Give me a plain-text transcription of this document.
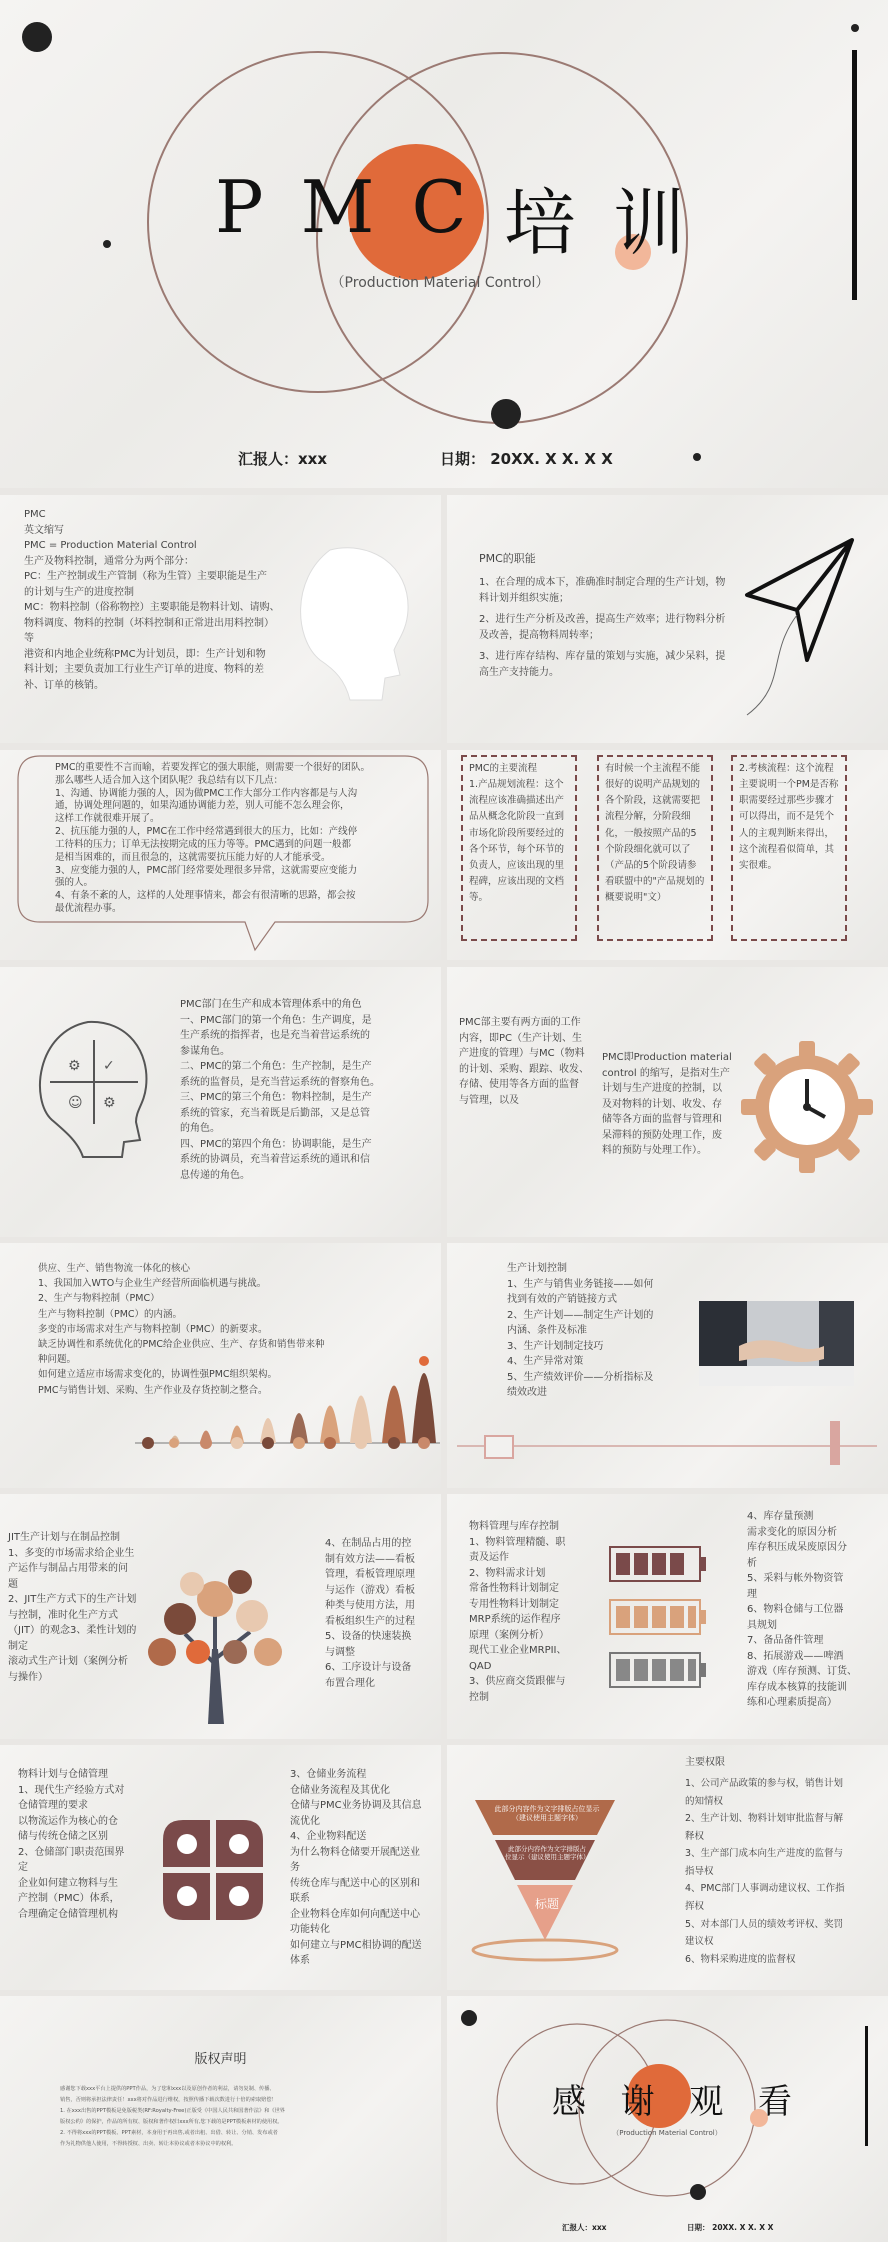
P M C 培 训
（Production Material Control）
汇报人：xxx	日期： 20XX. X X. X X

PMC

英文缩写

PMC = Production Material Control

生产及物料控制，通常分为两个部分：

PC：生产控制或生产管制（称为生管）主要职能是生产

的计划与生产的进度控制

MC：物料控制（俗称物控）主要职能是物料计划、请购、

物料调度、物料的控制（坏料控制和正常进出用料控制）

等

港资和内地企业统称PMC为计划员，即：生产计划和物

料计划；主要负责加工行业生产订单的进度、物料的差

补、订单的核销。

PMC的职能

1、在合理的成本下，准确准时制定合理的生产计划，物料计划并组织实施；

2、进行生产分析及改善，提高生产效率；进行物料分析及改善，提高物料周转率；

3、进行库存结构、库存量的策划与实施，减少呆料，提高生产支持能力。

PMC的重要性不言而喻，若要发挥它的强大职能，则需要一个很好的团队。

那么哪些人适合加入这个团队呢？我总结有以下几点：

1、沟通、协调能力强的人，因为做PMC工作大部分工作内容都是与人沟

通，协调处理问题的，如果沟通协调能力差，别人可能不怎么理会你，

这样工作就很难开展了。

2、抗压能力强的人，PMC在工作中经常遇到很大的压力，比如：产线停

工待料的压力；订单无法按期完成的压力等等。PMC遇到的问题一般都

是相当困难的，而且很急的，这就需要抗压能力好的人才能承受。

3、应变能力强的人，PMC部门经常要处理很多异常，这就需要应变能力

强的人。

4、有条不紊的人，这样的人处理事情来，都会有很清晰的思路，都会按

最优流程办事。

PMC的主要流程
1.产品规划流程：这个流程应该准确描述出产品从概念化阶段一直到市场化阶段所要经过的各个环节，每个环节的负责人，应该出现的里程碑，应该出现的文档等。
有时候一个主流程不能很好的说明产品规划的各个阶段，这就需要把流程分解，分阶段细化，一般按照产品的5个阶段细化就可以了（产品的5个阶段请参看联盟中的"产品规划的概要说明"文）
2.考核流程：这个流程主要说明一个PM是否称职需要经过那些步骤才可以得出，而不是凭个人的主观判断来得出，这个流程看似简单，其实很难。
⚙ ✓
☺ ⚙

PMC部门在生产和成本管理体系中的角色

一、PMC部门的第一个角色：生产调度，是

生产系统的指挥者，也是充当着营运系统的

参谋角色。

二、PMC的第二个角色：生产控制，是生产

系统的监督员，是充当营运系统的督察角色。

三、PMC的第三个角色：物料控制，是生产

系统的管家，充当着既是后勤部，又是总管

的角色。

四、PMC的第四个角色：协调职能，是生产

系统的协调员，充当着营运系统的通讯和信

息传递的角色。

PMC部主要有两方面的工作

内容，即PC（生产计划、生

产进度的管理）与MC（物料

的计划、采购、跟踪、收发、

存储、使用等各方面的监督

与管理，以及

PMC即Production material

control 的缩写，是指对生产

计划与生产进度的控制，以

及对物料的计划、收发、存

储等各方面的监督与管理和

呆滞料的预防处理工作，废

料的预防与处理工作）。

供应、生产、销售物流一体化的核心

1、我国加入WTO与企业生产经营所面临机遇与挑战。

2、生产与物料控制（PMC）

生产与物料控制（PMC）的内涵。

多变的市场需求对生产与物料控制（PMC）的新要求。

缺乏协调性和系统优化的PMC给企业供应、生产、存货和销售带来种

种问题。

如何建立适应市场需求变化的，协调性强PMC组织架构。

PMC与销售计划、采购、生产作业及存货控制之整合。

生产计划控制

1、生产与销售业务链接——如何

找到有效的产销链接方式

2、生产计划——制定生产计划的

内涵、条件及标准

3、生产计划制定技巧

4、生产异常对策

5、生产绩效评价——分析指标及

绩效改进

JIT生产计划与在制品控制

1、多变的市场需求给企业生

产运作与制品占用带来的问

题

2、JIT生产方式下的生产计划

与控制，准时化生产方式

（JIT）的观念3、柔性计划的

制定

滚动式生产计划（案例分析

与操作）

4、在制品占用的控

制有效方法——看板

管理，看板管理原理

与运作（游戏）看板

种类与使用方法，用

看板组织生产的过程

5、设备的快速装换

与调整

6、工序设计与设备

布置合理化

物料管理与库存控制

1、物料管理精髓、职

责及运作

2、物料需求计划

常备性物料计划制定

专用性物料计划制定

MRP系统的运作程序

原理（案例分析）

现代工业企业MRPII、

QAD

3、供应商交货跟催与

控制

4、库存量预测

需求变化的原因分析

库存积压成呆废原因分

析

5、采料与帐外物资管

理

6、物料仓储与工位器

具规划

7、备品备件管理

8、拓展游戏——啤酒

游戏（库存预测、订货、

库存成本核算的技能训

练和心理素质提高）

物料计划与仓储管理

1、现代生产经验方式对

仓储管理的要求

以物流运作为核心的仓

储与传统仓储之区别

2、仓储部门职责范围界

定

企业如何建立物料与生

产控制（PMC）体系，

合理确定仓储管理机构

3、仓储业务流程

仓储业务流程及其优化

仓储与PMC业务协调及其信息

流优化

4、企业物料配送

为什么物料仓储要开展配送业

务

传统仓库与配送中心的区别和

联系

企业物料仓库如何向配送中心

功能转化

如何建立与PMC相协调的配送

体系

此部分内容作为文字排版占位显示（建议使用主题字体）
此部分内容作为文字排版占位显示（建议使用主题字体）
标题
主要权限

1、公司产品政策的参与权，销售计划

的知情权

2、生产计划、物料计划审批监督与解

释权

3、生产部门成本向生产进度的监督与

指导权

4、PMC部门人事调动建议权、工作指

挥权

5、对本部门人员的绩效考评权、奖罚

建议权

6、物料采购进度的监督权

版权声明

感谢您下载xxx平台上提供的PPT作品，为了您和xxx以及原创作者的利益，请勿复制、传播、

销售，否则将承担法律责任！xxx将对作品进行维权，按照传播下载次数进行十倍的索取赔偿！

1. 在xxx出售的PPT模板是免版税类(RF:Royalty-Free)正版受《中国人民共和国著作法》和《世界

版权公约》的保护，作品的所有权、版权和著作权归xxx所有,您下载的是PPT模板素材的使用权。

2. 不得将xxx的PPT模板、PPT素材，本身用于再出售,或者出租、出借、转让、分销、发布或者

作为礼物供他人使用，不得转授权、出卖、转让本协议或者本协议中的权利。

感 谢 观 看
（Production Material Control）
汇报人：xxx	日期： 20XX. X X. X X
